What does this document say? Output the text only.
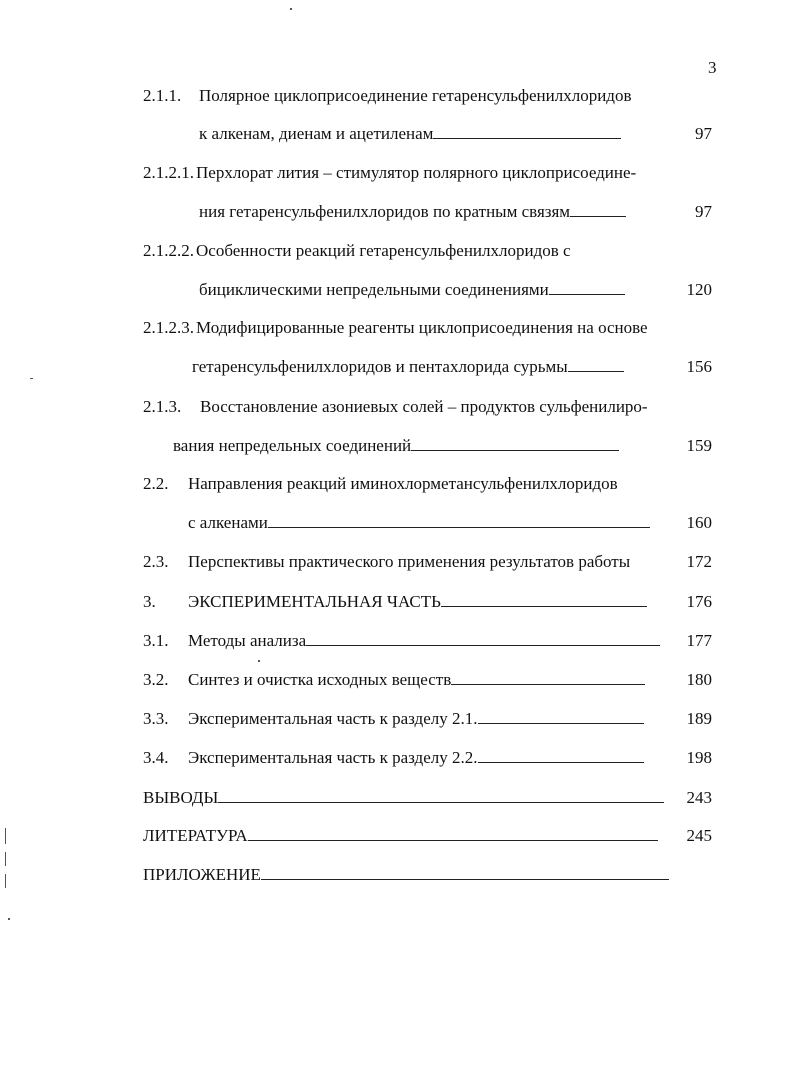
3
2.1.1. Полярное циклоприсоединение гетаренсульфенилхлоридов
к алкенам, диенам и ацетиленам	97
2.1.2.1. Перхлорат лития – стимулятор полярного циклоприсоедине-
ния гетаренсульфенилхлоридов по кратным связям	97
2.1.2.2. Особенности реакций гетаренсульфенилхлоридов с
бициклическими непредельными соединениями	120
2.1.2.3. Модифицированные реагенты циклоприсоединения на основе
гетаренсульфенилхлоридов и пентахлорида сурьмы	156
2.1.3. Восстановление азониевых солей – продуктов сульфенилиро-
вания непредельных соединений	159
2.2. Направления реакций иминохлорметансульфенилхлоридов
с алкенами	160
2.3. Перспективы практического применения результатов работы	172
3. ЭКСПЕРИМЕНТАЛЬНАЯ ЧАСТЬ	176
3.1. Методы анализа	177
3.2. Синтез и очистка исходных веществ	180
3.3. Экспериментальная часть к разделу 2.1.	189
3.4. Экспериментальная часть к разделу 2.2.	198
ВЫВОДЫ	243
ЛИТЕРАТУРА	245
ПРИЛОЖЕНИЕ
